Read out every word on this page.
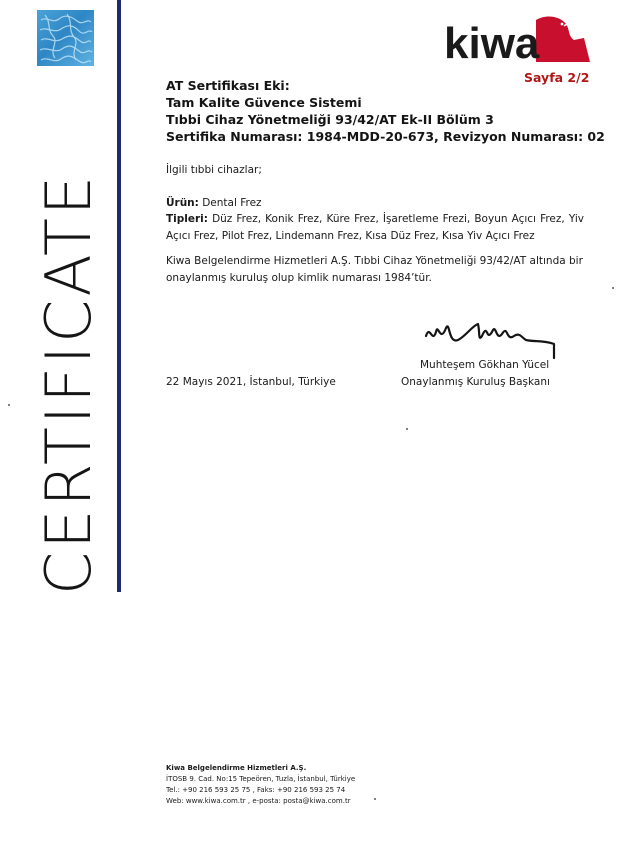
CERTIFICATE
kiwa
Sayfa 2/2
AT Sertifikası Eki:
Tam Kalite Güvence Sistemi
Tıbbi Cihaz Yönetmeliği 93/42/AT Ek-II Bölüm 3
Sertifika Numarası: 1984-MDD-20-673, Revizyon Numarası: 02
İlgili tıbbi cihazlar;
Ürün: Dental Frez
Tipleri: Düz Frez, Konik Frez, Küre Frez, İşaretleme Frezi, Boyun Açıcı Frez, Yiv Açıcı Frez, Pilot Frez, Lindemann Frez, Kısa Düz Frez, Kısa Yiv Açıcı Frez
Kiwa Belgelendirme Hizmetleri A.Ş. Tıbbi Cihaz Yönetmeliği 93/42/AT altında bir onaylanmış kuruluş olup kimlik numarası 1984’tür.
Muhteşem Gökhan Yücel
Onaylanmış Kuruluş Başkanı
22 Mayıs 2021, İstanbul, Türkiye
Kiwa Belgelendirme Hizmetleri A.Ş.
İTOSB 9. Cad. No:15 Tepeören, Tuzla, İstanbul, Türkiye
Tel.: +90 216 593 25 75 , Faks: +90 216 593 25 74
Web: www.kiwa.com.tr , e-posta: posta@kiwa.com.tr
